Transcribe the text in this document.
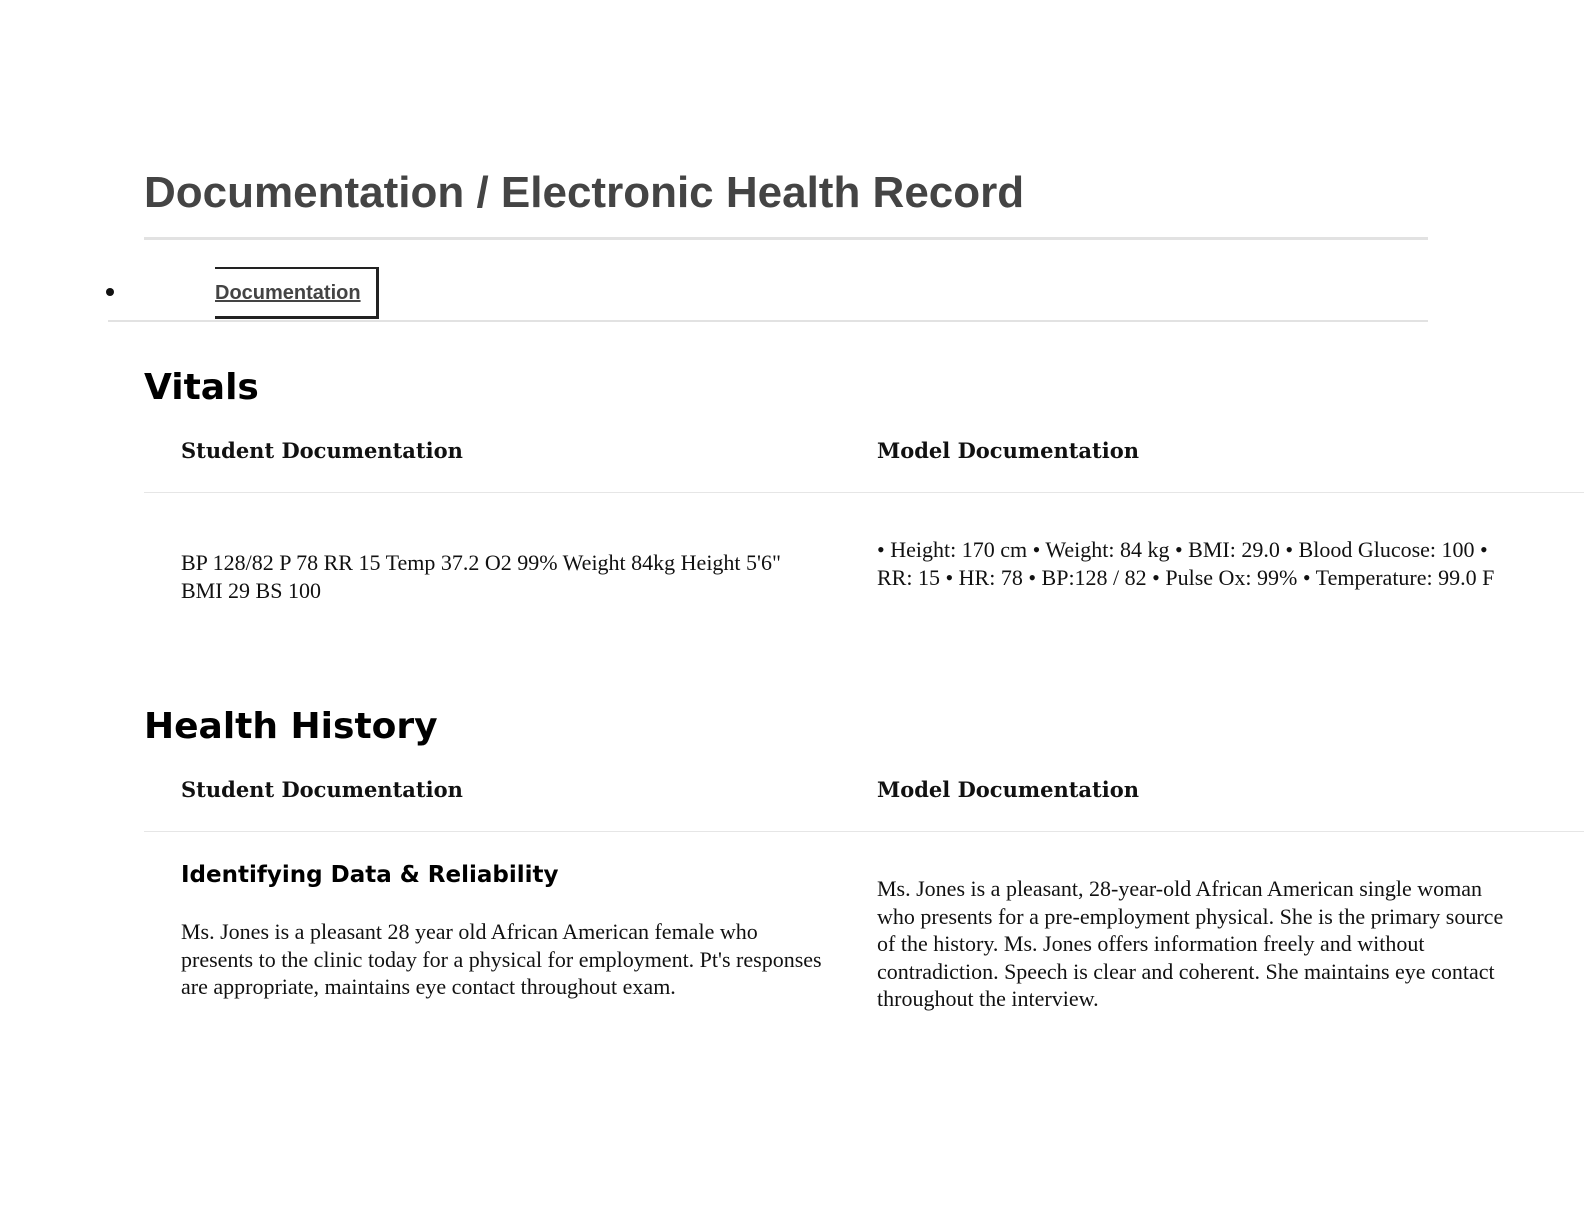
Documentation / Electronic Health Record
Documentation
Vitals
Student Documentation	Model Documentation

BP 128/82 P 78 RR 15 Temp 37.2 O2 99% Weight 84kg Height 5'6" BMI 29 BS 100

• Height: 170 cm • Weight: 84 kg • BMI: 29.0 • Blood Glucose: 100 • RR: 15 • HR: 78 • BP:128 / 82 • Pulse Ox: 99% • Temperature: 99.0 F

Health History
Student Documentation	Model Documentation
Identifying Data & Reliability

Ms. Jones is a pleasant 28 year old African American female who presents to the clinic today for a physical for employment. Pt's responses are appropriate, maintains eye contact throughout exam.

Ms. Jones is a pleasant, 28-year-old African American single woman who presents for a pre-employment physical. She is the primary source of the history. Ms. Jones offers information freely and without contradiction. Speech is clear and coherent. She maintains eye contact throughout the interview.
